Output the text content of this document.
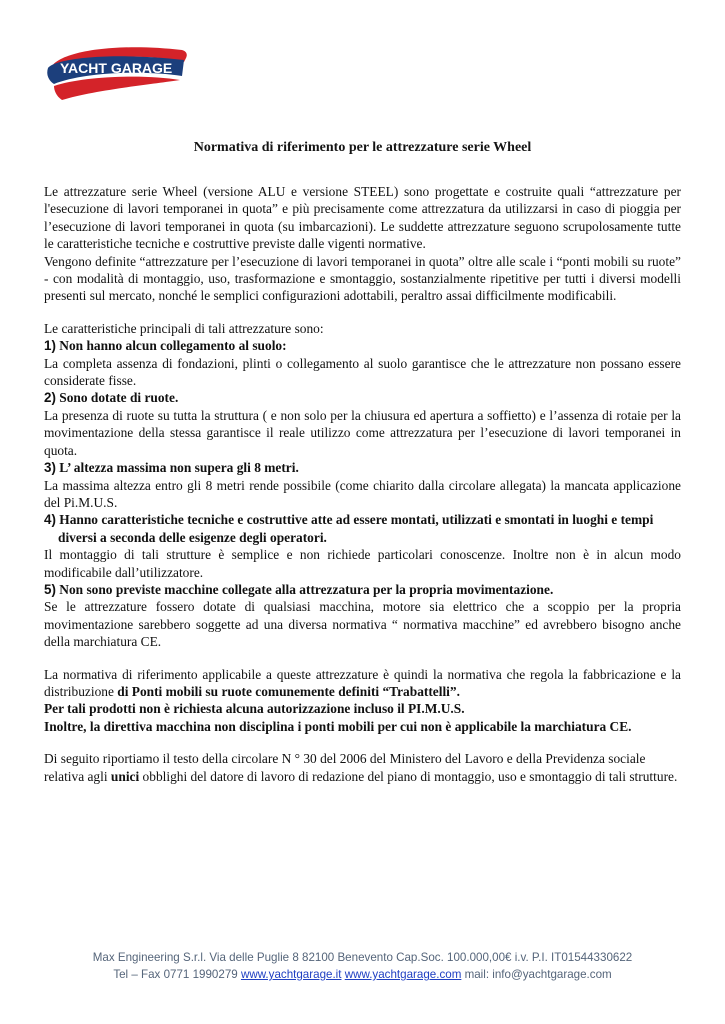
YACHT GARAGE
Normativa di riferimento per le attrezzature serie Wheel

Le attrezzature serie Wheel (versione ALU e versione STEEL) sono progettate e costruite quali “attrezzature per l'esecuzione di lavori temporanei in quota” e più precisamente come attrezzatura da utilizzarsi in caso di pioggia per l’esecuzione di lavori temporanei in quota (su imbarcazioni). Le suddette attrezzature seguono scrupolosamente tutte le caratteristiche tecniche e costruttive previste dalle vigenti normative.

Vengono definite “attrezzature per l’esecuzione di lavori temporanei in quota” oltre alle scale i “ponti mobili su ruote” - con modalità di montaggio, uso, trasformazione e smontaggio, sostanzialmente ripetitive per tutti i diversi modelli presenti sul mercato, nonché le semplici configurazioni adottabili, peraltro assai difficilmente modificabili.

Le caratteristiche principali di tali attrezzature sono:

1) Non hanno alcun collegamento al suolo:

La completa assenza di fondazioni, plinti o collegamento al suolo garantisce che le attrezzature non possano essere considerate fisse.

2) Sono dotate di ruote.

La presenza di ruote su tutta la struttura ( e non solo per la chiusura ed apertura a soffietto) e l’assenza di rotaie per la movimentazione della stessa garantisce il reale utilizzo come attrezzatura per l’esecuzione di lavori temporanei in quota.

3) L’ altezza massima non supera gli 8 metri.

La massima altezza entro gli 8 metri rende possibile (come chiarito dalla circolare allegata) la mancata applicazione del Pi.M.U.S.

4) Hanno caratteristiche tecniche e costruttive atte ad essere montati, utilizzati e smontati in luoghi e tempi diversi a seconda delle esigenze degli operatori.

Il montaggio di tali strutture è semplice e non richiede particolari conoscenze. Inoltre non è in alcun modo modificabile dall’utilizzatore.

5) Non sono previste macchine collegate alla attrezzatura per la propria movimentazione.

Se le attrezzature fossero dotate di qualsiasi macchina, motore sia elettrico che a scoppio per la propria movimentazione sarebbero soggette ad una diversa normativa “ normativa macchine” ed avrebbero bisogno anche della marchiatura CE.

La normativa di riferimento applicabile a queste attrezzature è quindi la normativa che regola la fabbricazione e la distribuzione di Ponti mobili su ruote comunemente definiti “Trabattelli”.

Per tali prodotti non è richiesta alcuna autorizzazione incluso il PI.M.U.S.

Inoltre, la direttiva macchina non disciplina i ponti mobili per cui non è applicabile la marchiatura CE.

Di seguito riportiamo il testo della circolare N ° 30 del 2006 del Ministero del Lavoro e della Previdenza sociale relativa agli unici obblighi del datore di lavoro di redazione del piano di montaggio, uso e smontaggio di tali strutture.

Max Engineering S.r.l. Via delle Puglie 8 82100 Benevento Cap.Soc. 100.000,00€ i.v. P.I. IT01544330622
Tel – Fax 0771 1990279 www.yachtgarage.it www.yachtgarage.com mail: info@yachtgarage.com
